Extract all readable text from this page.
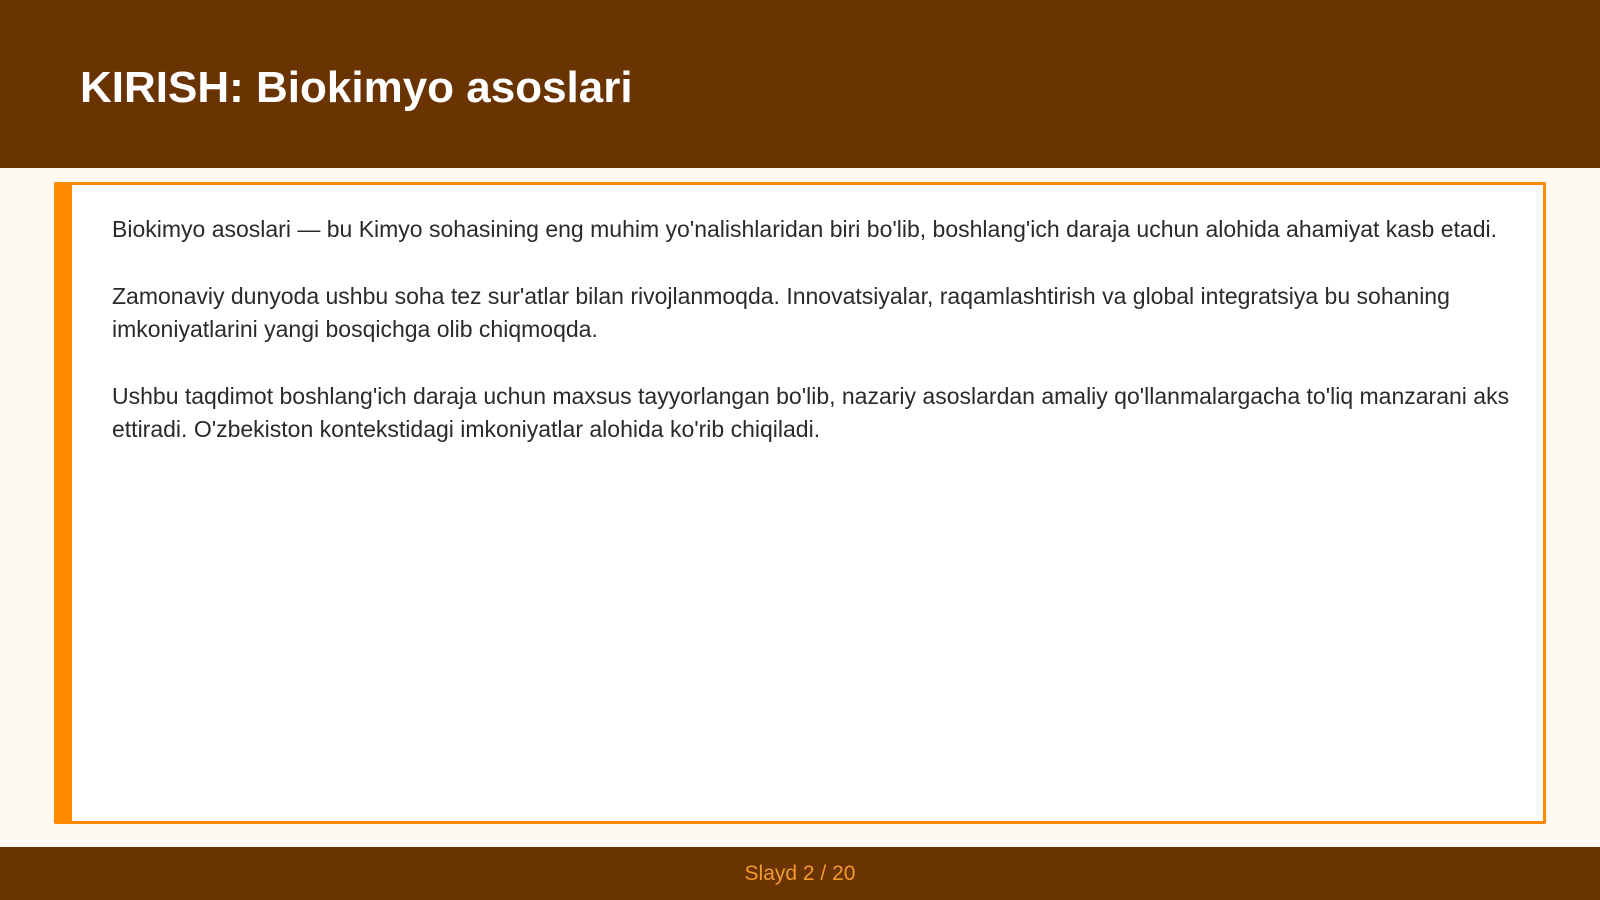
KIRISH: Biokimyo asoslari

Biokimyo asoslari — bu Kimyo sohasining eng muhim yo'nalishlaridan biri bo'lib, boshlang'ich daraja uchun alohida ahamiyat kasb etadi.

Zamonaviy dunyoda ushbu soha tez sur'atlar bilan rivojlanmoqda. Innovatsiyalar, raqamlashtirish va global integratsiya bu sohaning imkoniyatlarini yangi bosqichga olib chiqmoqda.

Ushbu taqdimot boshlang'ich daraja uchun maxsus tayyorlangan bo'lib, nazariy asoslardan amaliy qo'llanmalargacha to'liq manzarani aks ettiradi. O'zbekiston kontekstidagi imkoniyatlar alohida ko'rib chiqiladi.

Slayd 2 / 20
